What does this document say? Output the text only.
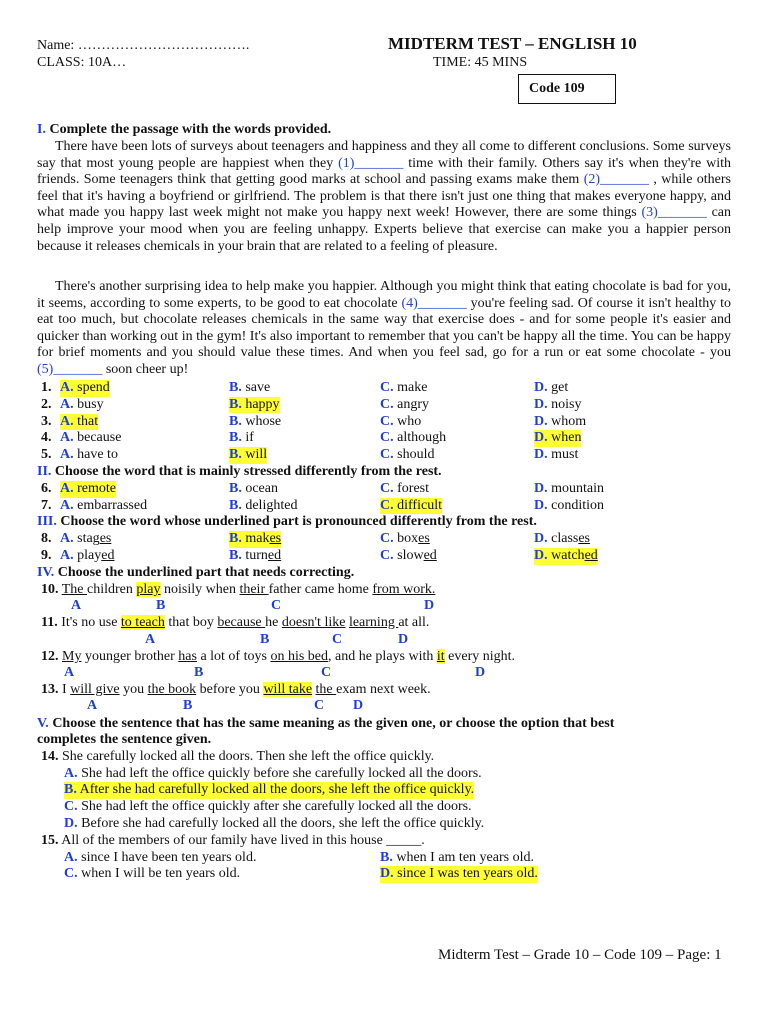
Name: ……………………………….
CLASS: 10A…
MIDTERM TEST – ENGLISH 10
TIME: 45 MINS
Code 109
I. Complete the passage with the words provided.
There have been lots of surveys about teenagers and happiness and they all come to different conclusions. Some surveys say that most young people are happiest when they (1)_______ time with their family. Others say it's when they're with friends. Some teenagers think that getting good marks at school and passing exams make them (2)_______ , while others feel that it's having a boyfriend or girlfriend. The problem is that there isn't just one thing that makes everyone happy, and what made you happy last week might not make you happy next week! However, there are some things (3)_______ can help improve your mood when you are feeling unhappy. Experts believe that exercise can make you a happier person because it releases chemicals in your brain that are related to a feeling of pleasure.
There's another surprising idea to help make you happier. Although you might think that eating chocolate is bad for you, it seems, according to some experts, to be good to eat chocolate (4)_______ you're feeling sad. Of course it isn't healthy to eat too much, but chocolate releases chemicals in the same way that exercise does - and for some people it's easier and quicker than working out in the gym! It's also important to remember that you can't be happy all the time. You can be happy for brief moments and you should value these times. And when you feel sad, go for a run or eat some chocolate - you (5)_______ soon cheer up!
1. A. spend	B. save	C. make	D. get
2. A. busy	B. happy	C. angry	D. noisy
3. A. that	B. whose	C. who	D. whom
4. A. because	B. if	C. although	D. when
5. A. have to	B. will	C. should	D. must
6. A. remote	B. ocean	C. forest	D. mountain
7. A. embarrassed	B. delighted	C. difficult	D. condition
II. Choose the word that is mainly stressed differently from the rest.
III. Choose the word whose underlined part is pronounced differently from the rest.
8. A. stages	B. makes	C. boxes	D. classes
9. A. played	B. turned	C. slowed	D. watched
IV. Choose the underlined part that needs correcting.
10. The children play noisily when their father came home from work.
A	B	C	D
11. It's no use to teach that boy because he doesn't like learning at all.
A	B	C	D
12. My younger brother has a lot of toys on his bed, and he plays with it every night.
A	B	C	D
13. I will give you the book before you will take the exam next week.
A	B	C D
V. Choose the sentence that has the same meaning as the given one, or choose the option that best
completes the sentence given.
14. She carefully locked all the doors. Then she left the office quickly.
A. She had left the office quickly before she carefully locked all the doors.
B. After she had carefully locked all the doors, she left the office quickly.
C. She had left the office quickly after she carefully locked all the doors.
D. Before she had carefully locked all the doors, she left the office quickly.
15. All of the members of our family have lived in this house _____.
A. since I have been ten years old.	B. when I am ten years old.
C. when I will be ten years old.	D. since I was ten years old.
Midterm Test – Grade 10 – Code 109 – Page: 1
